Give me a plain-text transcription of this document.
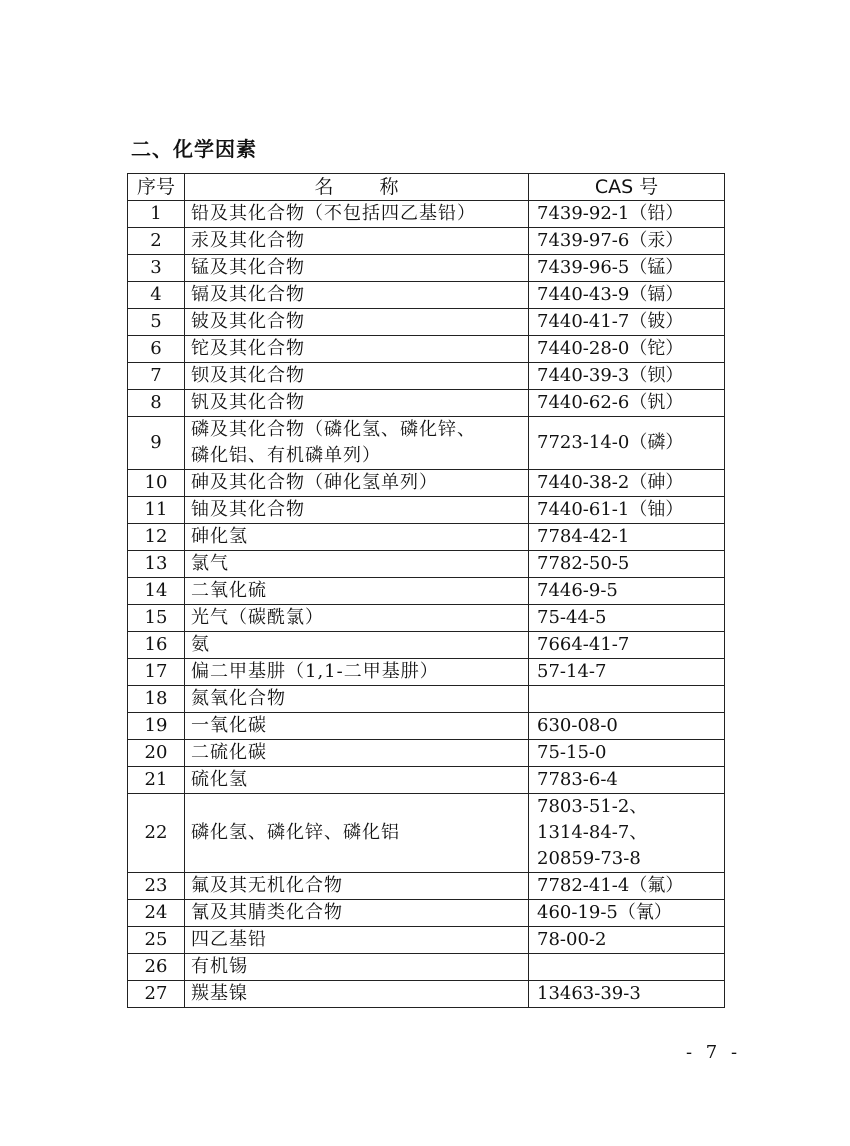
二、化学因素
序号	名 称	CAS 号
1	铅及其化合物（不包括四乙基铅）	7439-92-1（铅）
2	汞及其化合物	7439-97-6（汞）
3	锰及其化合物	7439-96-5（锰）
4	镉及其化合物	7440-43-9（镉）
5	铍及其化合物	7440-41-7（铍）
6	铊及其化合物	7440-28-0（铊）
7	钡及其化合物	7440-39-3（钡）
8	钒及其化合物	7440-62-6（钒）
9	磷及其化合物（磷化氢、磷化锌、
磷化铝、有机磷单列）	7723-14-0（磷）
10	砷及其化合物（砷化氢单列）	7440-38-2（砷）
11	铀及其化合物	7440-61-1（铀）
12	砷化氢	7784-42-1
13	氯气	7782-50-5
14	二氧化硫	7446-9-5
15	光气（碳酰氯）	75-44-5
16	氨	7664-41-7
17	偏二甲基肼（1,1-二甲基肼）	57-14-7
18	氮氧化合物	
19	一氧化碳	630-08-0
20	二硫化碳	75-15-0
21	硫化氢	7783-6-4
22	磷化氢、磷化锌、磷化铝	7803-51-2、
1314-84-7、
20859-73-8

23	氟及其无机化合物	7782-41-4（氟）
24	氰及其腈类化合物	460-19-5（氰）
25	四乙基铅	78-00-2
26	有机锡	
27	羰基镍	13463-39-3
- 7 -
